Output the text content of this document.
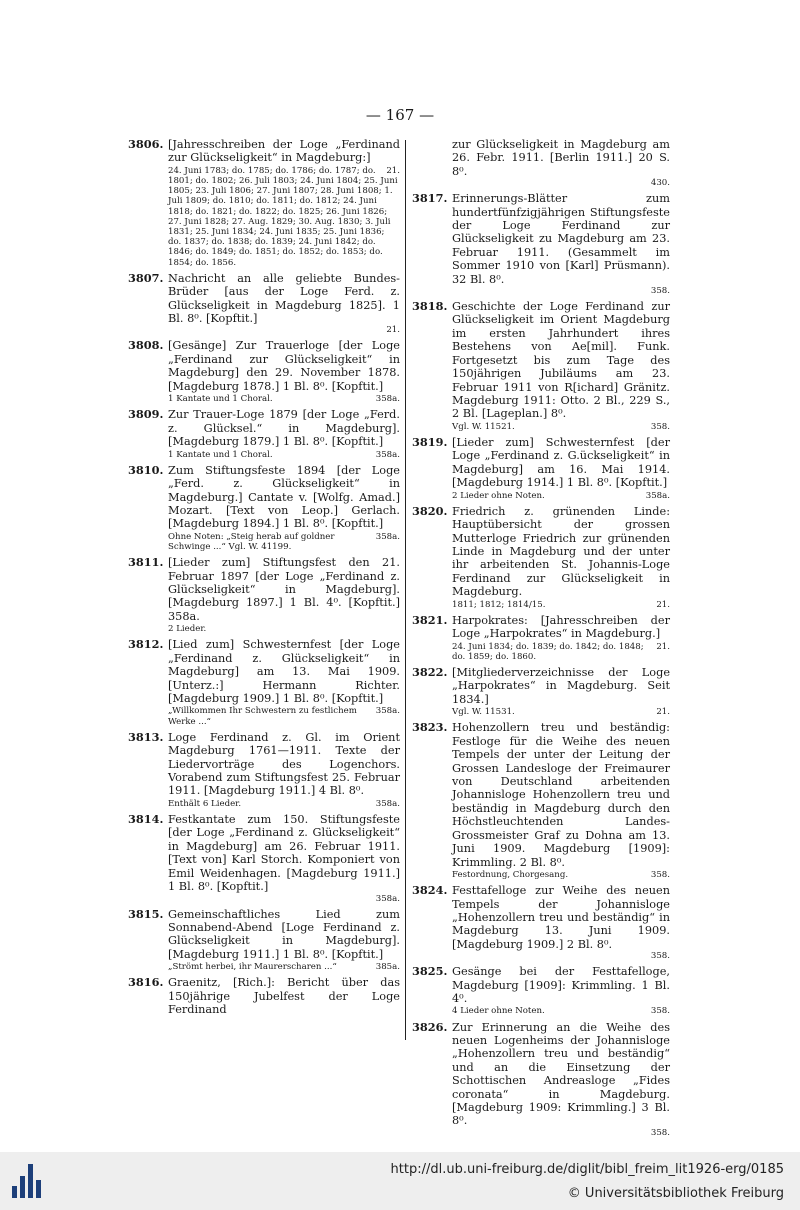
— 167 —
3806. [Jahresschreiben der Loge „Ferdinand zur Glückseligkeit“ in Magdeburg:]
21.
24. Juni 1783; do. 1785; do. 1786; do. 1787; do. 1801; do. 1802; 26. Juli 1803; 24. Juni 1804; 25. Juni 1805; 23. Juli 1806; 27. Juni 1807; 28. Juni 1808; 1. Juli 1809; do. 1810; do. 1811; do. 1812; 24. Juni 1818; do. 1821; do. 1822; do. 1825; 26. Juni 1826; 27. Juni 1828; 27. Aug. 1829; 30. Aug. 1830; 3. Juli 1831; 25. Juni 1834; 24. Juni 1835; 25. Juni 1836; do. 1837; do. 1838; do. 1839; 24. Juni 1842; do. 1846; do. 1849; do. 1851; do. 1852; do. 1853; do. 1854; do. 1856.
3807. Nachricht an alle geliebte Bundes-Brüder [aus der Loge Ferd. z. Glückseligkeit in Magdeburg 1825]. 1 Bl. 8⁰. [Kopftit.]
21.
3808. [Gesänge] Zur Trauerloge [der Loge „Ferdinand zur Glückseligkeit“ in Magdeburg] den 29. November 1878. [Magdeburg 1878.] 1 Bl. 8⁰. [Kopftit.]
358a.
1 Kantate und 1 Choral.
3809. Zur Trauer-Loge 1879 [der Loge „Ferd. z. Glücksel.“ in Magdeburg]. [Magdeburg 1879.] 1 Bl. 8⁰. [Kopftit.]
358a.
1 Kantate und 1 Choral.
3810. Zum Stiftungsfeste 1894 [der Loge „Ferd. z. Glückseligkeit“ in Magdeburg.] Cantate v. [Wolfg. Amad.] Mozart. [Text von Leop.] Gerlach. [Magdeburg 1894.] 1 Bl. 8⁰. [Kopftit.]
358a.
Ohne Noten: „Steig herab auf goldner Schwinge ...“ Vgl. W. 41199.
3811. [Lieder zum] Stiftungsfest den 21. Februar 1897 [der Loge „Ferdinand z. Glückseligkeit“ in Magdeburg]. [Magdeburg 1897.] 1 Bl. 4⁰. [Kopftit.] 358a.
2 Lieder.
3812. [Lied zum] Schwesternfest [der Loge „Ferdinand z. Glückseligkeit“ in Magdeburg] am 13. Mai 1909. [Unterz.:] Hermann Richter. [Magdeburg 1909.] 1 Bl. 8⁰. [Kopftit.]
358a.
„Willkommen Ihr Schwestern zu festlichem Werke ...“
3813. Loge Ferdinand z. Gl. im Orient Magdeburg 1761—1911. Texte der Liedervorträge des Logenchors. Vorabend zum Stiftungsfest 25. Februar 1911. [Magdeburg 1911.] 4 Bl. 8⁰.
358a.
Enthält 6 Lieder.
3814. Festkantate zum 150. Stiftungsfeste [der Loge „Ferdinand z. Glückseligkeit“ in Magdeburg] am 26. Februar 1911. [Text von] Karl Storch. Komponiert von Emil Weidenhagen. [Magdeburg 1911.] 1 Bl. 8⁰. [Kopftit.]
358a.
3815. Gemeinschaftliches Lied zum Sonnabend-Abend [Loge Ferdinand z. Glückseligkeit in Magdeburg]. [Magdeburg 1911.] 1 Bl. 8⁰. [Kopftit.]
385a.
„Strömt herbei, ihr Maurerscharen ...“
3816. Graenitz, [Rich.]: Bericht über das 150jährige Jubelfest der Loge Ferdinand
zur Glückseligkeit in Magdeburg am 26. Febr. 1911. [Berlin 1911.] 20 S. 8⁰.
430.
3817. Erinnerungs-Blätter zum hundertfünfzigjährigen Stiftungsfeste der Loge Ferdinand zur Glückseligkeit zu Magdeburg am 23. Februar 1911. (Gesammelt im Sommer 1910 von [Karl] Prüsmann). 32 Bl. 8⁰.
358.
3818. Geschichte der Loge Ferdinand zur Glückseligkeit im Orient Magdeburg im ersten Jahrhundert ihres Bestehens von Ae[mil]. Funk. Fortgesetzt bis zum Tage des 150jährigen Jubiläums am 23. Februar 1911 von R[ichard] Gränitz. Magdeburg 1911: Otto. 2 Bl., 229 S., 2 Bl. [Lageplan.] 8⁰.
358.
Vgl. W. 11521.
3819. [Lieder zum] Schwesternfest [der Loge „Ferdinand z. G.ückseligkeit“ in Magdeburg] am 16. Mai 1914. [Magdeburg 1914.] 1 Bl. 8⁰. [Kopftit.]
358a.
2 Lieder ohne Noten.
3820. Friedrich z. grünenden Linde: Hauptübersicht der grossen Mutterloge Friedrich zur grünenden Linde in Magdeburg und der unter ihr arbeitenden St. Johannis-Loge Ferdinand zur Glückseligkeit in Magdeburg.
21.
1811; 1812; 1814/15.
3821. Harpokrates: [Jahresschreiben der Loge „Harpokrates“ in Magdeburg.]
21.
24. Juni 1834; do. 1839; do. 1842; do. 1848; do. 1859; do. 1860.
3822. [Mitgliederverzeichnisse der Loge „Harpokrates“ in Magdeburg. Seit 1834.]
21.
Vgl. W. 11531.
3823. Hohenzollern treu und beständig: Festloge für die Weihe des neuen Tempels der unter der Leitung der Grossen Landesloge der Freimaurer von Deutschland arbeitenden Johannisloge Hohenzollern treu und beständig in Magdeburg durch den Höchstleuchtenden Landes-Grossmeister Graf zu Dohna am 13. Juni 1909. Magdeburg [1909]: Krimmling. 2 Bl. 8⁰.
358.
Festordnung, Chorgesang.
3824. Festtafelloge zur Weihe des neuen Tempels der Johannisloge „Hohenzollern treu und beständig“ in Magdeburg 13. Juni 1909. [Magdeburg 1909.] 2 Bl. 8⁰.
358.
3825. Gesänge bei der Festtafelloge, Magdeburg [1909]: Krimmling. 1 Bl. 4⁰.
358.
4 Lieder ohne Noten.
3826. Zur Erinnerung an die Weihe des neuen Logenheims der Johannisloge „Hohenzollern treu und beständig“ und an die Einsetzung der Schottischen Andreasloge „Fides coronata“ in Magdeburg. [Magdeburg 1909: Krimmling.] 3 Bl. 8⁰.
358.
http://dl.ub.uni-freiburg.de/diglit/bibl_freim_lit1926-erg/0185
© Universitätsbibliothek Freiburg
